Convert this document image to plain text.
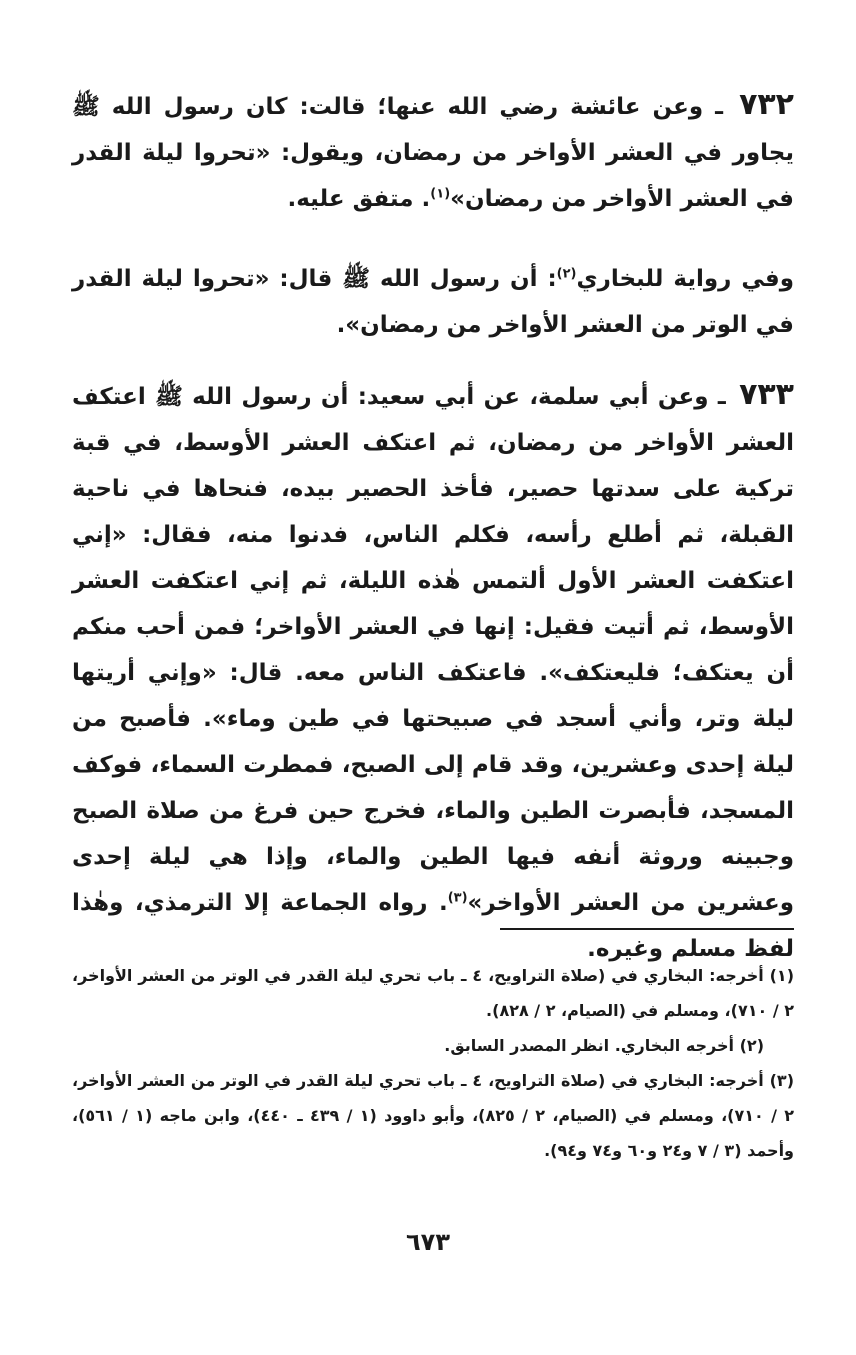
٧٣٢ ـ وعن عائشة رضي الله عنها؛ قالت: كان رسول الله ﷺ يجاور في العشر الأواخر من رمضان، ويقول: «تحروا ليلة القدر في العشر الأواخر من رمضان»$^{(١)}$. متفق عليه.
وفي رواية للبخاري$^{(٢)}$: أن رسول الله ﷺ قال: «تحروا ليلة القدر في الوتر من العشر الأواخر من رمضان».
٧٣٣ ـ وعن أبي سلمة، عن أبي سعيد: أن رسول الله ﷺ اعتكف العشر الأواخر من رمضان، ثم اعتكف العشر الأوسط، في قبة تركية على سدتها حصير، فأخذ الحصير بيده، فنحاها في ناحية القبلة، ثم أطلع رأسه، فكلم الناس، فدنوا منه، فقال: «إني اعتكفت العشر الأول ألتمس هٰذه الليلة، ثم إني اعتكفت العشر الأوسط، ثم أتيت فقيل: إنها في العشر الأواخر؛ فمن أحب منكم أن يعتكف؛ فليعتكف». فاعتكف الناس معه. قال: «وإني أريتها ليلة وتر، وأني أسجد في صبيحتها في طين وماء». فأصبح من ليلة إحدى وعشرين، وقد قام إلى الصبح، فمطرت السماء، فوكف المسجد، فأبصرت الطين والماء، فخرج حين فرغ من صلاة الصبح وجبينه وروثة أنفه فيها الطين والماء، وإذا هي ليلة إحدى وعشرين من العشر الأواخر»$^{(٣)}$. رواه الجماعة إلا الترمذي، وهٰذا لفظ مسلم وغيره.
(١) أخرجه: البخاري في (صلاة التراويح، ٤ ـ باب تحري ليلة القدر في الوتر من العشر الأواخر، ٢ / ٧١٠)، ومسلم في (الصيام، ٢ / ٨٢٨).
(٢) أخرجه البخاري. انظر المصدر السابق.
(٣) أخرجه: البخاري في (صلاة التراويح، ٤ ـ باب تحري ليلة القدر في الوتر من العشر الأواخر، ٢ / ٧١٠)، ومسلم في (الصيام، ٢ / ٨٢٥)، وأبو داوود (١ / ٤٣٩ ـ ٤٤٠)، وابن ماجه (١ / ٥٦١)، وأحمد (٣ / ٧ و٢٤ و٦٠ و٧٤ و٩٤).
٦٧٣
